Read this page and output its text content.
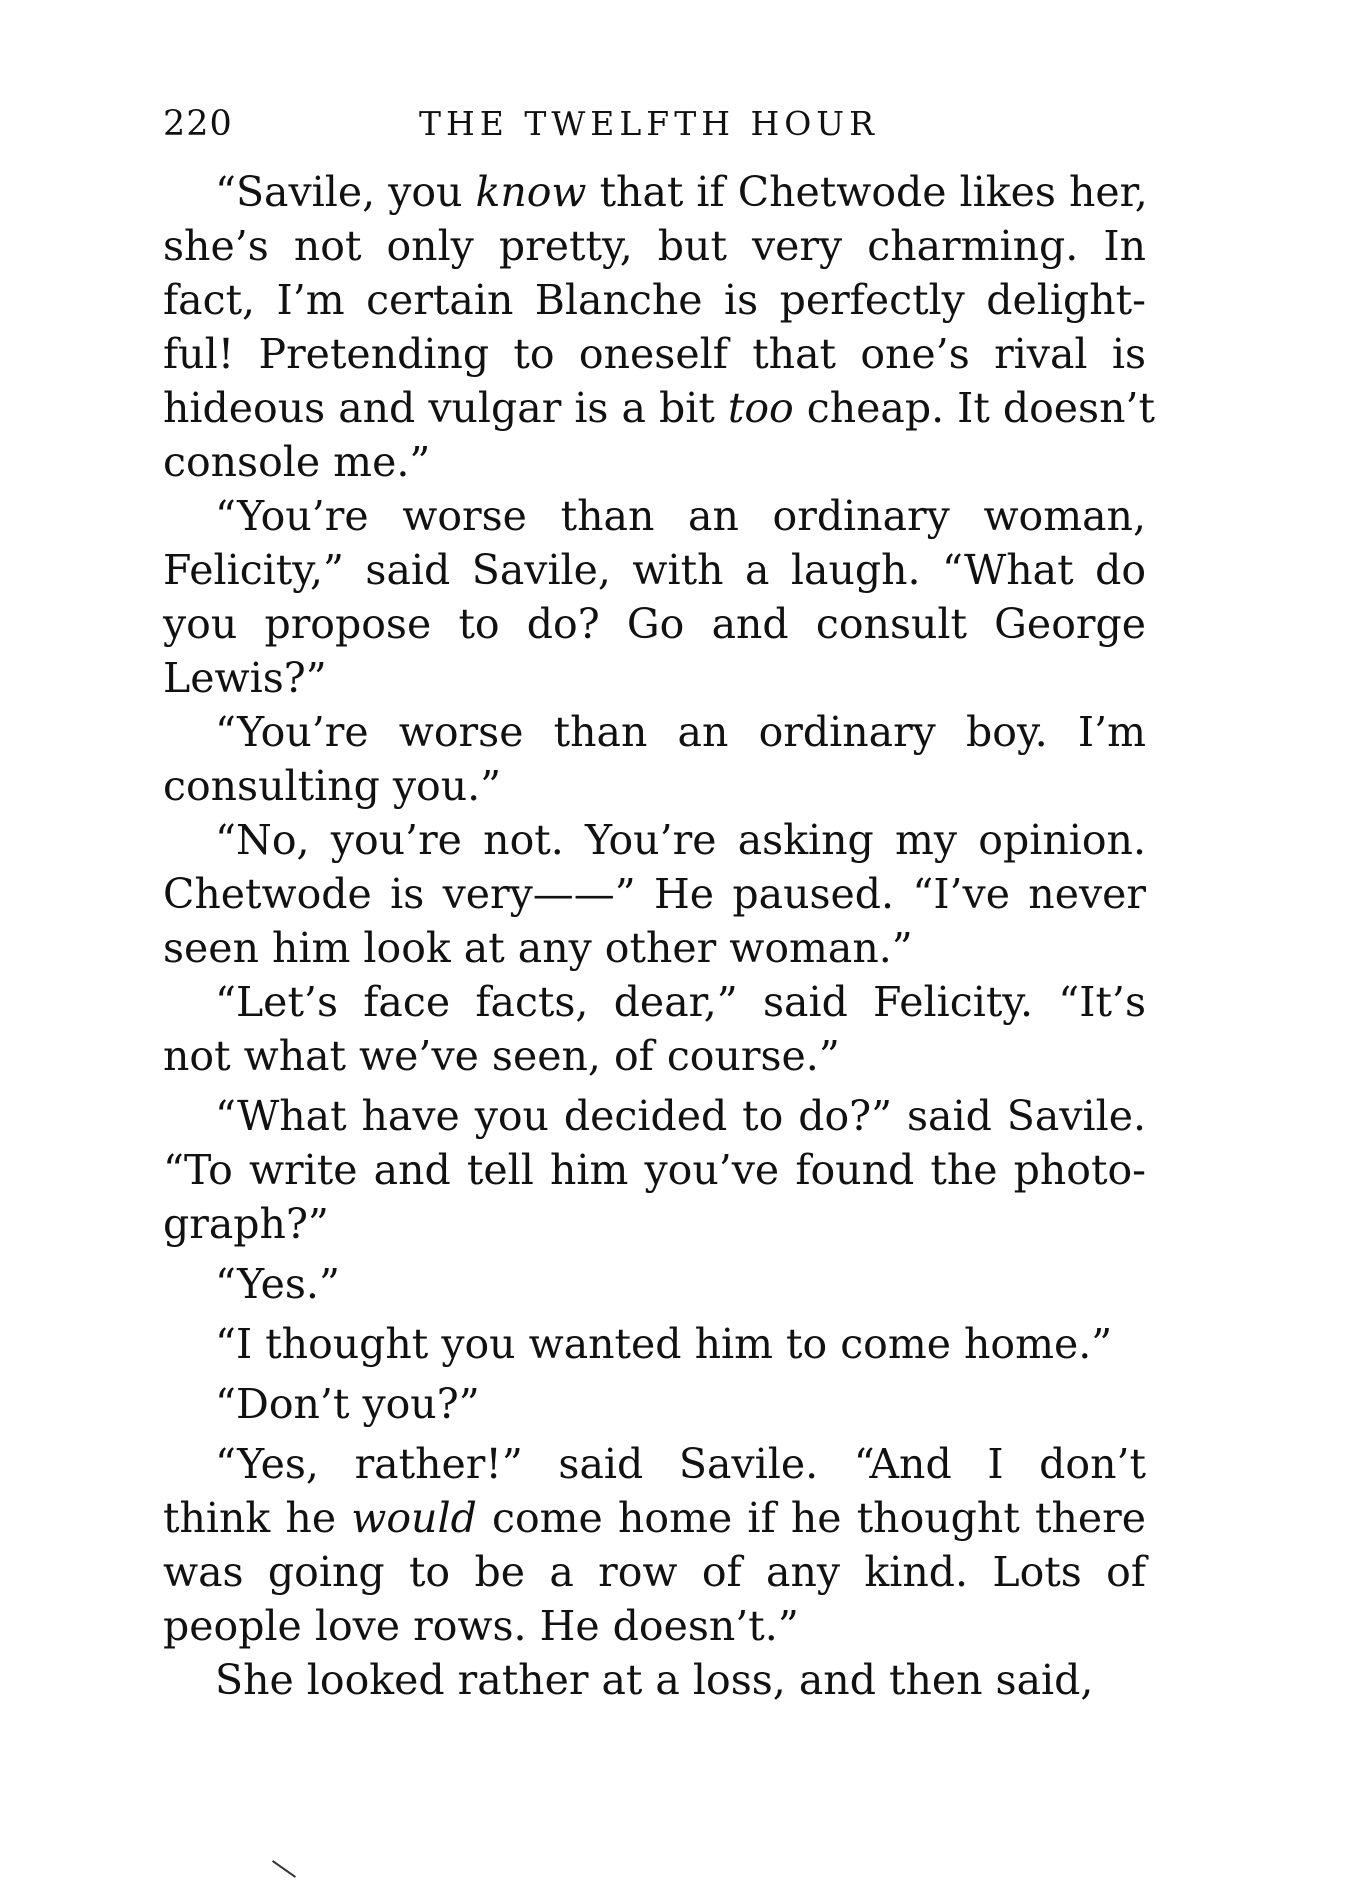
220	THE TWELFTH HOUR

“Savile, you know that if Chetwode likes her,
she’s not only pretty, but very charming. In
fact, I’m certain Blanche is perfectly delight-
ful! Pretending to oneself that one’s rival is
hideous and vulgar is a bit too cheap. It doesn’t
console me.”

“You’re worse than an ordinary woman,
Felicity,” said Savile, with a laugh. “What do
you propose to do? Go and consult George
Lewis?”

“You’re worse than an ordinary boy. I’m
consulting you.”

“No, you’re not. You’re asking my opinion.
Chetwode is very——” He paused. “I’ve never
seen him look at any other woman.”

“Let’s face facts, dear,” said Felicity. “It’s
not what we’ve seen, of course.”

“What have you decided to do?” said Savile.
“To write and tell him you’ve found the photo-
graph?”

“Yes.”

“I thought you wanted him to come home.”

“Don’t you?”

“Yes, rather!” said Savile. “And I don’t
think he would come home if he thought there
was going to be a row of any kind. Lots of
people love rows. He doesn’t.”

She looked rather at a loss, and then said,
